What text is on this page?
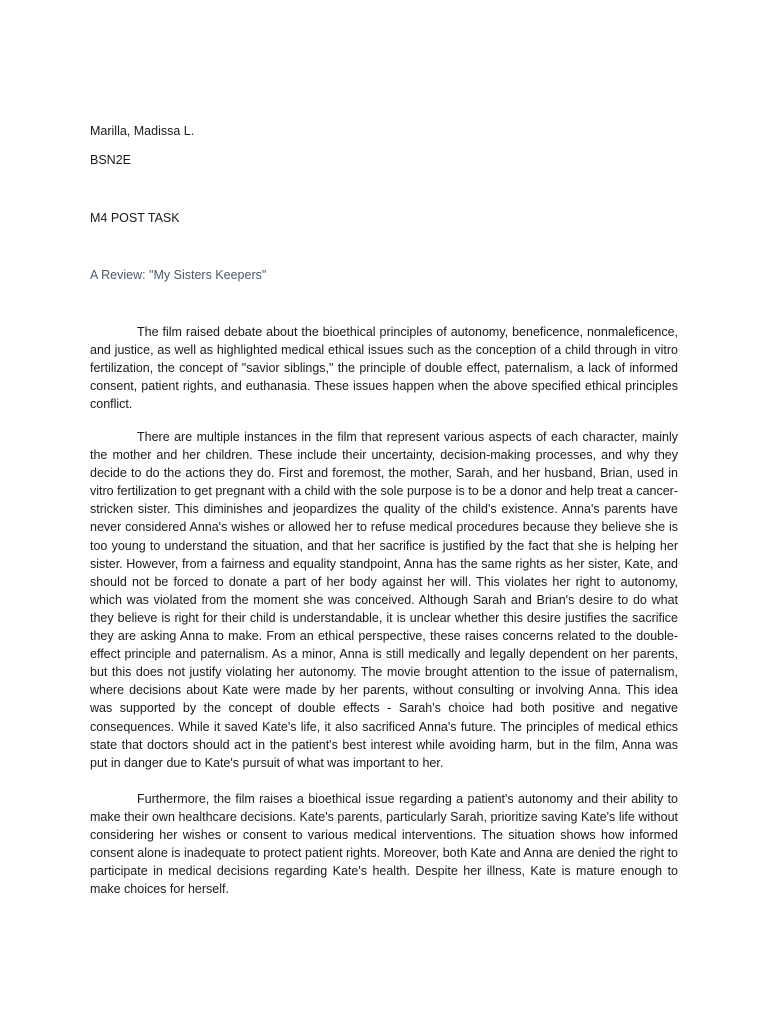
Marilla, Madissa L.
BSN2E
M4 POST TASK
A Review: "My Sisters Keepers"

The film raised debate about the bioethical principles of autonomy, beneficence, nonmaleficence, and justice, as well as highlighted medical ethical issues such as the conception of a child through in vitro fertilization, the concept of "savior siblings," the principle of double effect, paternalism, a lack of informed consent, patient rights, and euthanasia. These issues happen when the above specified ethical principles conflict.

There are multiple instances in the film that represent various aspects of each character, mainly the mother and her children. These include their uncertainty, decision-making processes, and why they decide to do the actions they do. First and foremost, the mother, Sarah, and her husband, Brian, used in vitro fertilization to get pregnant with a child with the sole purpose is to be a donor and help treat a cancer-stricken sister. This diminishes and jeopardizes the quality of the child's existence. Anna's parents have never considered Anna's wishes or allowed her to refuse medical procedures because they believe she is too young to understand the situation, and that her sacrifice is justified by the fact that she is helping her sister. However, from a fairness and equality standpoint, Anna has the same rights as her sister, Kate, and should not be forced to donate a part of her body against her will. This violates her right to autonomy, which was violated from the moment she was conceived. Although Sarah and Brian's desire to do what they believe is right for their child is understandable, it is unclear whether this desire justifies the sacrifice they are asking Anna to make. From an ethical perspective, these raises concerns related to the double-effect principle and paternalism. As a minor, Anna is still medically and legally dependent on her parents, but this does not justify violating her autonomy. The movie brought attention to the issue of paternalism, where decisions about Kate were made by her parents, without consulting or involving Anna. This idea was supported by the concept of double effects - Sarah's choice had both positive and negative consequences. While it saved Kate's life, it also sacrificed Anna's future. The principles of medical ethics state that doctors should act in the patient's best interest while avoiding harm, but in the film, Anna was put in danger due to Kate's pursuit of what was important to her.

Furthermore, the film raises a bioethical issue regarding a patient's autonomy and their ability to make their own healthcare decisions. Kate's parents, particularly Sarah, prioritize saving Kate's life without considering her wishes or consent to various medical interventions. The situation shows how informed consent alone is inadequate to protect patient rights. Moreover, both Kate and Anna are denied the right to participate in medical decisions regarding Kate's health. Despite her illness, Kate is mature enough to make choices for herself.
